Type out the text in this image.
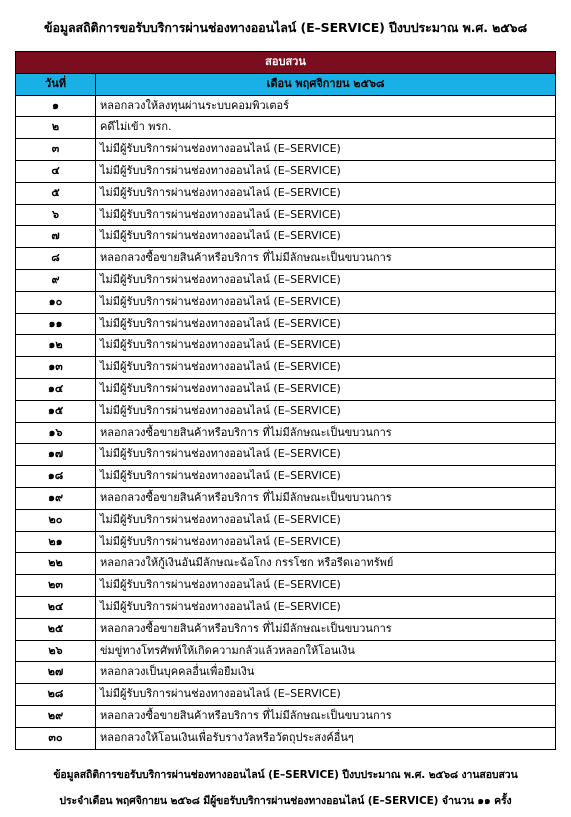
ข้อมูลสถิติการขอรับบริการผ่านช่องทางออนไลน์ (E–SERVICE) ปีงบประมาณ พ.ศ. ๒๕๖๘
สอบสวน	
วันที่	เดือน พฤศจิกายน ๒๕๖๘
๑	หลอกลวงให้ลงทุนผ่านระบบคอมพิวเตอร์
๒	คดีไม่เข้า พรก.
๓	ไม่มีผู้รับบริการผ่านช่องทางออนไลน์ (E–SERVICE)
๔	ไม่มีผู้รับบริการผ่านช่องทางออนไลน์ (E–SERVICE)
๕	ไม่มีผู้รับบริการผ่านช่องทางออนไลน์ (E–SERVICE)
๖	ไม่มีผู้รับบริการผ่านช่องทางออนไลน์ (E–SERVICE)
๗	ไม่มีผู้รับบริการผ่านช่องทางออนไลน์ (E–SERVICE)
๘	หลอกลวงซื้อขายสินค้าหรือบริการ ที่ไม่มีลักษณะเป็นขบวนการ
๙	ไม่มีผู้รับบริการผ่านช่องทางออนไลน์ (E–SERVICE)
๑๐	ไม่มีผู้รับบริการผ่านช่องทางออนไลน์ (E–SERVICE)
๑๑	ไม่มีผู้รับบริการผ่านช่องทางออนไลน์ (E–SERVICE)
๑๒	ไม่มีผู้รับบริการผ่านช่องทางออนไลน์ (E–SERVICE)
๑๓	ไม่มีผู้รับบริการผ่านช่องทางออนไลน์ (E–SERVICE)
๑๔	ไม่มีผู้รับบริการผ่านช่องทางออนไลน์ (E–SERVICE)
๑๕	ไม่มีผู้รับบริการผ่านช่องทางออนไลน์ (E–SERVICE)
๑๖	หลอกลวงซื้อขายสินค้าหรือบริการ ที่ไม่มีลักษณะเป็นขบวนการ
๑๗	ไม่มีผู้รับบริการผ่านช่องทางออนไลน์ (E–SERVICE)
๑๘	ไม่มีผู้รับบริการผ่านช่องทางออนไลน์ (E–SERVICE)
๑๙	หลอกลวงซื้อขายสินค้าหรือบริการ ที่ไม่มีลักษณะเป็นขบวนการ
๒๐	ไม่มีผู้รับบริการผ่านช่องทางออนไลน์ (E–SERVICE)
๒๑	ไม่มีผู้รับบริการผ่านช่องทางออนไลน์ (E–SERVICE)
๒๒	หลอกลวงให้กู้เงินอันมีลักษณะฉ้อโกง กรรโชก หรือรีดเอาทรัพย์
๒๓	ไม่มีผู้รับบริการผ่านช่องทางออนไลน์ (E–SERVICE)
๒๔	ไม่มีผู้รับบริการผ่านช่องทางออนไลน์ (E–SERVICE)
๒๕	หลอกลวงซื้อขายสินค้าหรือบริการ ที่ไม่มีลักษณะเป็นขบวนการ
๒๖	ข่มขู่ทางโทรศัพท์ให้เกิดความกลัวแล้วหลอกให้โอนเงิน
๒๗	หลอกลวงเป็นบุคคลอื่นเพื่อยืมเงิน
๒๘	ไม่มีผู้รับบริการผ่านช่องทางออนไลน์ (E–SERVICE)
๒๙	หลอกลวงซื้อขายสินค้าหรือบริการ ที่ไม่มีลักษณะเป็นขบวนการ
๓๐	หลอกลวงให้โอนเงินเพื่อรับรางวัลหรือวัตถุประสงค์อื่นๆ
ข้อมูลสถิติการขอรับบริการผ่านช่องทางออนไลน์ (E–SERVICE) ปีงบประมาณ พ.ศ. ๒๕๖๘ งานสอบสวน
ประจำเดือน พฤศจิกายน ๒๕๖๘ มีผู้ขอรับบริการผ่านช่องทางออนไลน์ (E–SERVICE) จำนวน ๑๑ ครั้ง
